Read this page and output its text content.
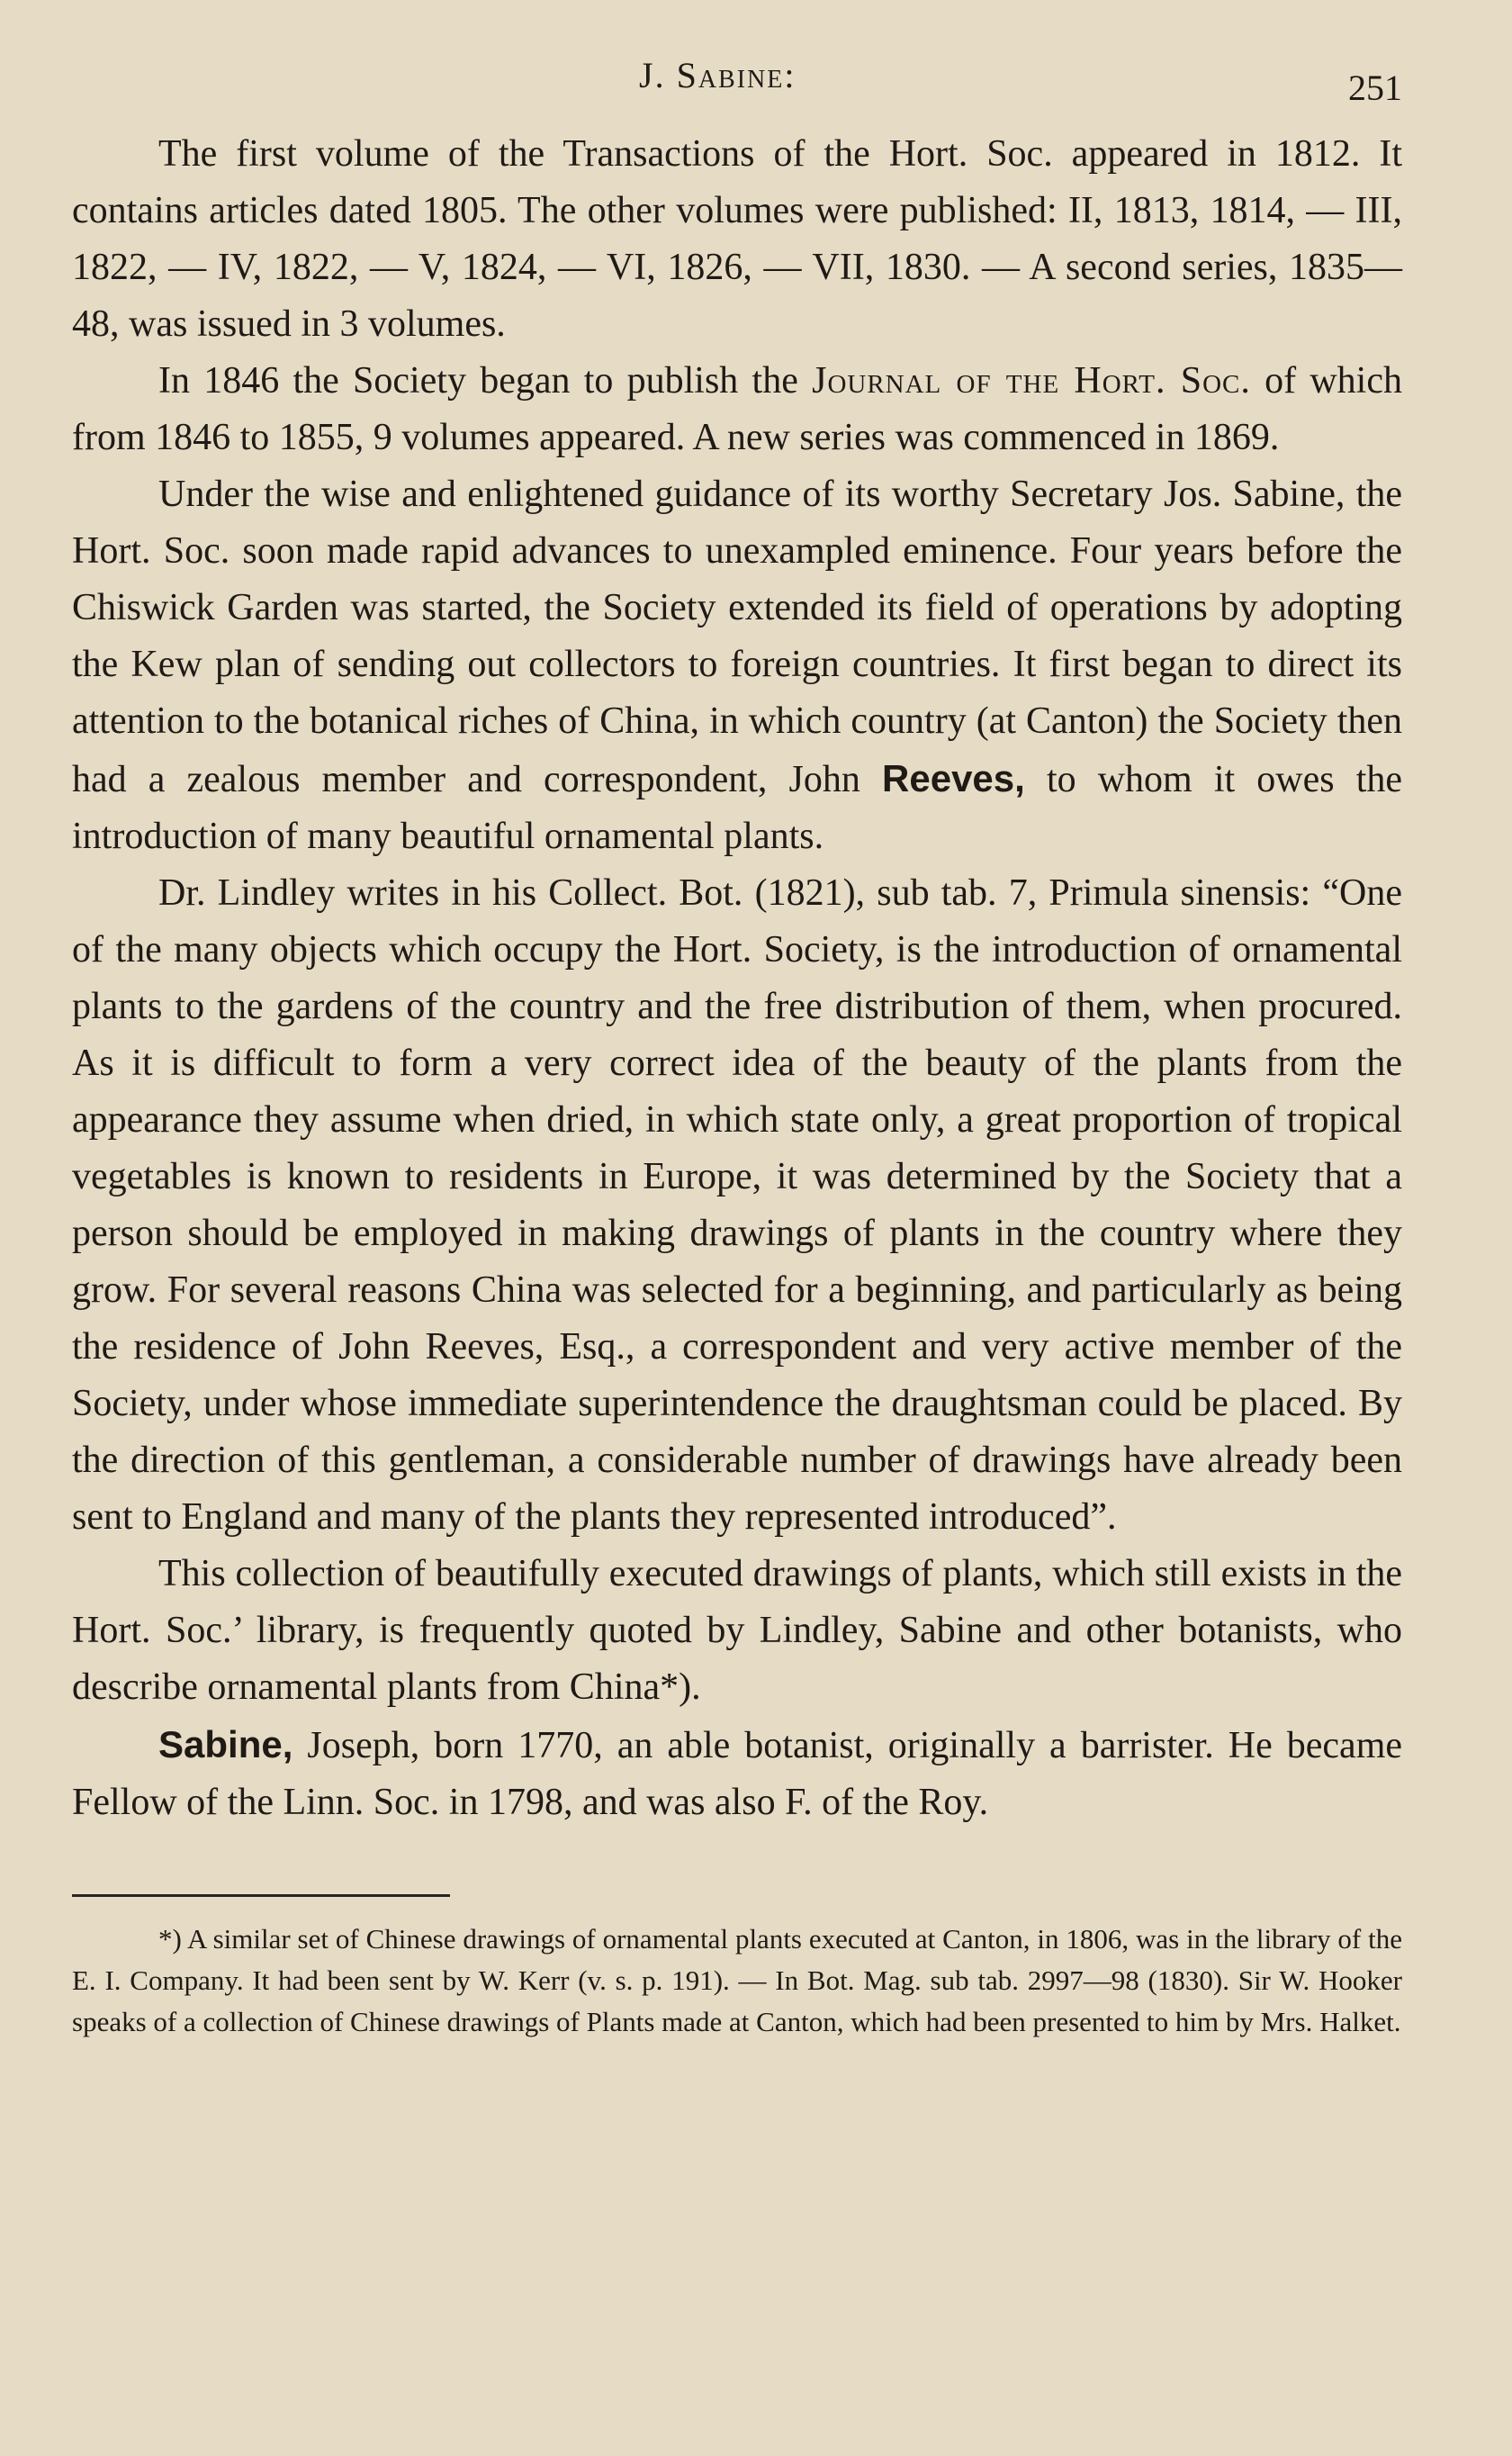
J. Sabine:	251

The first volume of the Transactions of the Hort. Soc. appeared in 1812. It contains articles dated 1805. The other volumes were published: II, 1813, 1814, — III, 1822, — IV, 1822, — V, 1824, — VI, 1826, — VII, 1830. — A second series, 1835—48, was issued in 3 volumes.

In 1846 the Society began to publish the Journal of the Hort. Soc. of which from 1846 to 1855, 9 volumes appeared. A new series was commenced in 1869.

Under the wise and enlightened guidance of its worthy Secretary Jos. Sabine, the Hort. Soc. soon made rapid advances to unexampled eminence. Four years before the Chiswick Garden was started, the Society extended its field of operations by adopting the Kew plan of sending out collectors to foreign countries. It first began to direct its attention to the botanical riches of China, in which country (at Canton) the Society then had a zealous member and correspondent, John Reeves, to whom it owes the introduction of many beautiful ornamental plants.

Dr. Lindley writes in his Collect. Bot. (1821), sub tab. 7, Primula sinensis: “One of the many objects which occupy the Hort. Society, is the introduction of ornamental plants to the gardens of the country and the free distribution of them, when procured. As it is difficult to form a very correct idea of the beauty of the plants from the appearance they assume when dried, in which state only, a great proportion of tropical vegetables is known to residents in Europe, it was determined by the Society that a person should be employed in making drawings of plants in the country where they grow. For several reasons China was selected for a beginning, and particularly as being the residence of John Reeves, Esq., a correspondent and very active member of the Society, under whose immediate superintendence the draughtsman could be placed. By the direction of this gentleman, a considerable number of drawings have already been sent to England and many of the plants they represented introduced”.

This collection of beautifully executed drawings of plants, which still exists in the Hort. Soc.’ library, is frequently quoted by Lindley, Sabine and other botanists, who describe ornamental plants from China*).

Sabine, Joseph, born 1770, an able botanist, originally a barrister. He became Fellow of the Linn. Soc. in 1798, and was also F. of the Roy.

*) A similar set of Chinese drawings of ornamental plants executed at Canton, in 1806, was in the library of the E. I. Company. It had been sent by W. Kerr (v. s. p. 191). — In Bot. Mag. sub tab. 2997—98 (1830). Sir W. Hooker speaks of a collection of Chinese drawings of Plants made at Canton, which had been presented to him by Mrs. Halket.
